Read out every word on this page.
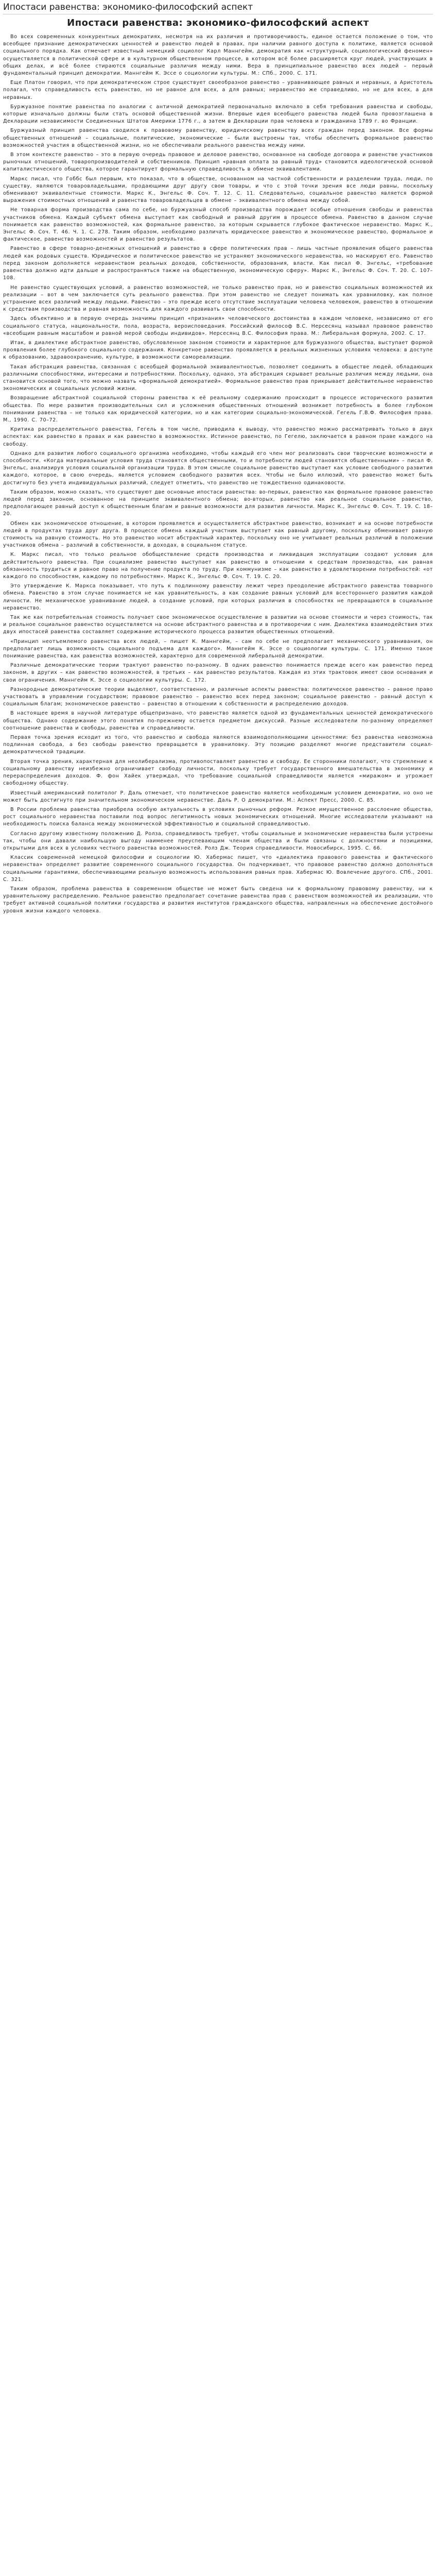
Ипостаси равенства: экономико-философский аспект
Ипостаси равенства: экономико-философский аспект

Во всех современных конкурентных демократиях, несмотря на их различия и противоречивость, единое остается положение о том, что всеобщее признание демократических ценностей и равенство людей в правах, при наличии равного доступа к политике, является основой социального порядка. Как отмечает известный немецкий социолог Карл Маннгейм, демократия как «структурный, социологический феномен» осуществляется в политической сфере и в культурном общественном процессе, в котором всё более расширяется круг людей, участвующих в общих делах, и всё более стираются социальные различия между ними. Вера в принципиальное равенство всех людей – первый фундаментальный принцип демократии. Маннгейм К. Эссе о социологии культуры. М.: СПб., 2000. С. 171.

Еще Платон говорил, что при демократическом строе существует своеобразное равенство – уравнивающее равных и неравных, а Аристотель полагал, что справедливость есть равенство, но не равное для всех, а для равных; неравенство же справедливо, но не для всех, а для неравных.

Буржуазное понятие равенства по аналогии с античной демократией первоначально включало в себя требования равенства и свободы, которые изначально должны были стать основой общественной жизни. Впервые идея всеобщего равенства людей была провозглашена в Декларации независимости Соединенных Штатов Америки 1776 г., а затем в Декларации прав человека и гражданина 1789 г. во Франции.

Буржуазный принцип равенства сводился к правовому равенству, юридическому равенству всех граждан перед законом. Все формы общественных отношений – социальные, политические, экономические – были выстроены так, чтобы обеспечить формальное равенство возможностей участия в общественной жизни, но не обеспечивали реального равенства между ними.

В этом контексте равенство – это в первую очередь правовое и деловое равенство, основанное на свободе договора и равенстве участников рыночных отношений, товаропроизводителей и собственников. Принцип «равная оплата за равный труд» становится идеологической основой капиталистического общества, которое гарантирует формальную справедливость в обмене эквивалентами.

Маркс писал, что Гоббс был первым, кто показал, что в обществе, основанном на частной собственности и разделении труда, люди, по существу, являются товаровладельцами, продающими друг другу свои товары, и что с этой точки зрения все люди равны, поскольку обменивают эквивалентные стоимости. Маркс К., Энгельс Ф. Соч. Т. 12. С. 11. Следовательно, социальное равенство является формой выражения стоимостных отношений и равенства товаровладельцев в обмене – эквивалентного обмена между собой.

Не товарная форма производства сама по себе, но буржуазный способ производства порождает особые отношения свободы и равенства участников обмена. Каждый субъект обмена выступает как свободный и равный другим в процессе обмена. Равенство в данном случае понимается как равенство возможностей, как формальное равенство, за которым скрывается глубокое фактическое неравенство. Маркс К., Энгельс Ф. Соч. Т. 46. Ч. 1. С. 278. Таким образом, необходимо различать юридическое равенство и экономическое равенство, формальное и фактическое, равенство возможностей и равенство результатов.

Равенство в сфере товарно-денежных отношений и равенство в сфере политических прав – лишь частные проявления общего равенства людей как родовых существ. Юридическое и политическое равенство не устраняют экономического неравенства, но маскируют его. Равенство перед законом дополняется неравенством реальных доходов, собственности, образования, власти. Как писал Ф. Энгельс, «требование равенства должно идти дальше и распространяться также на общественную, экономическую сферу». Маркс К., Энгельс Ф. Соч. Т. 20. С. 107–108.

Не равенство существующих условий, а равенство возможностей, не только равенство прав, но и равенство социальных возможностей их реализации – вот в чем заключается суть реального равенства. При этом равенство не следует понимать как уравниловку, как полное устранение всех различий между людьми. Равенство – это прежде всего отсутствие эксплуатации человека человеком, равенство в отношении к средствам производства и равная возможность для каждого развивать свои способности.

Здесь объективно и в первую очередь значимы принцип «признания» человеческого достоинства в каждом человеке, независимо от его социального статуса, национальности, пола, возраста, вероисповедания. Российский философ В.С. Нерсесянц называл правовое равенство «всеобщим равным масштабом и равной мерой свободы индивидов». Нерсесянц В.С. Философия права. М.: Либеральная формула, 2002. С. 17.

Итак, в диалектике абстрактное равенство, обусловленное законом стоимости и характерное для буржуазного общества, выступает формой проявления более глубокого социального содержания. Конкретное равенство проявляется в реальных жизненных условиях человека: в доступе к образованию, здравоохранению, культуре, в возможности самореализации.

Такая абстракция равенства, связанная с всеобщей формальной эквивалентностью, позволяет соединить в обществе людей, обладающих различными способностями, интересами и потребностями. Поскольку, однако, эта абстракция скрывает реальные различия между людьми, она становится основой того, что можно назвать «формальной демократией». Формальное равенство прав прикрывает действительное неравенство экономических и социальных условий жизни.

Возвращение абстрактной социальной стороны равенства к её реальному содержанию происходит в процессе исторического развития общества. По мере развития производительных сил и усложнения общественных отношений возникает потребность в более глубоком понимании равенства – не только как юридической категории, но и как категории социально-экономической. Гегель Г.В.Ф. Философия права. М., 1990. С. 70–72.

Критика распределительного равенства, Гегель в том числе, приводила к выводу, что равенство можно рассматривать только в двух аспектах: как равенство в правах и как равенство в возможностях. Истинное равенство, по Гегелю, заключается в равном праве каждого на свободу.

Однако для развития любого социального организма необходимо, чтобы каждый его член мог реализовать свои творческие возможности и способности. «Когда материальные условия труда становятся общественными, то и потребности людей становятся общественными» – писал Ф. Энгельс, анализируя условия социальной организации труда. В этом смысле социальное равенство выступает как условие свободного развития каждого, которое, в свою очередь, является условием свободного развития всех. Чтобы не было иллюзий, что равенство может быть достигнуто без учета индивидуальных различий, следует отметить, что равенство не тождественно одинаковости.

Таким образом, можно сказать, что существуют две основные ипостаси равенства: во-первых, равенство как формальное правовое равенство людей перед законом, основанное на принципе эквивалентного обмена; во-вторых, равенство как реальное социальное равенство, предполагающее равный доступ к общественным благам и равные возможности для развития личности. Маркс К., Энгельс Ф. Соч. Т. 19. С. 18–20.

Обмен как экономическое отношение, в котором проявляется и осуществляется абстрактное равенство, возникает и на основе потребности людей в продуктах труда друг друга. В процессе обмена каждый участник выступает как равный другому, поскольку обменивает равную стоимость на равную стоимость. Но это равенство носит абстрактный характер, поскольку оно не учитывает реальных различий в положении участников обмена – различий в собственности, в доходах, в социальном статусе.

К. Маркс писал, что только реальное обобществление средств производства и ликвидация эксплуатации создают условия для действительного равенства. При социализме равенство выступает как равенство в отношении к средствам производства, как равная обязанность трудиться и равное право на получение продукта по труду. При коммунизме – как равенство в удовлетворении потребностей: «от каждого по способностям, каждому по потребностям». Маркс К., Энгельс Ф. Соч. Т. 19. С. 20.

Это утверждение К. Маркса показывает, что путь к подлинному равенству лежит через преодоление абстрактного равенства товарного обмена. Равенство в этом случае понимается не как уравнительность, а как создание равных условий для всестороннего развития каждой личности. Не механическое уравнивание людей, а создание условий, при которых различия в способностях не превращаются в социальное неравенство.

Так же как потребительная стоимость получает свое экономическое осуществление в развитии на основе стоимости и через стоимость, так и реальное социальное равенство осуществляется на основе абстрактного равенства и в противоречии с ним. Диалектика взаимодействия этих двух ипостасей равенства составляет содержание исторического процесса развития общественных отношений.

«Принцип неотъемлемого равенства всех людей, – пишет К. Маннгейм, – сам по себе не предполагает механического уравнивания, он предполагает лишь возможность социального подъема для каждого». Маннгейм К. Эссе о социологии культуры. С. 171. Именно такое понимание равенства, как равенства возможностей, характерно для современной либеральной демократии.

Различные демократические теории трактуют равенство по-разному. В одних равенство понимается прежде всего как равенство перед законом, в других – как равенство возможностей, в третьих – как равенство результатов. Каждая из этих трактовок имеет свои основания и свои ограничения. Маннгейм К. Эссе о социологии культуры. С. 172.

Разнородные демократические теории выделяют, соответственно, и различные аспекты равенства: политическое равенство – равное право участвовать в управлении государством; правовое равенство – равенство всех перед законом; социальное равенство – равный доступ к социальным благам; экономическое равенство – равенство в отношении к собственности и распределению доходов.

В настоящее время в научной литературе общепризнано, что равенство является одной из фундаментальных ценностей демократического общества. Однако содержание этого понятия по-прежнему остается предметом дискуссий. Разные исследователи по-разному определяют соотношение равенства и свободы, равенства и справедливости.

Первая точка зрения исходит из того, что равенство и свобода являются взаимодополняющими ценностями: без равенства невозможна подлинная свобода, а без свободы равенство превращается в уравниловку. Эту позицию разделяют многие представители социал-демократической традиции.

Вторая точка зрения, характерная для неолиберализма, противопоставляет равенство и свободу. Ее сторонники полагают, что стремление к социальному равенству неизбежно ограничивает свободу личности, поскольку требует государственного вмешательства в экономику и перераспределения доходов. Ф. фон Хайек утверждал, что требование социальной справедливости является «миражом» и угрожает свободному обществу.

Известный американский политолог Р. Даль отмечает, что политическое равенство является необходимым условием демократии, но оно не может быть достигнуто при значительном экономическом неравенстве. Даль Р. О демократии. М.: Аспект Пресс, 2000. С. 85.

В России проблема равенства приобрела особую актуальность в условиях рыночных реформ. Резкое имущественное расслоение общества, рост социального неравенства поставили под вопрос легитимность новых экономических отношений. Многие исследователи указывают на необходимость поиска баланса между экономической эффективностью и социальной справедливостью.

Согласно другому известному положению Д. Ролза, справедливость требует, чтобы социальные и экономические неравенства были устроены так, чтобы они давали наибольшую выгоду наименее преуспевающим членам общества и были связаны с должностями и позициями, открытыми для всех в условиях честного равенства возможностей. Ролз Дж. Теория справедливости. Новосибирск, 1995. С. 66.

Классик современной немецкой философии и социологии Ю. Хабермас пишет, что «диалектика правового равенства и фактического неравенства» определяет развитие современного социального государства. Он подчеркивает, что правовое равенство должно дополняться социальными гарантиями, обеспечивающими реальную возможность использования равных прав. Хабермас Ю. Вовлечение другого. СПб., 2001. С. 321.

Таким образом, проблема равенства в современном обществе не может быть сведена ни к формальному правовому равенству, ни к уравнительному распределению. Реальное равенство предполагает сочетание равенства прав с равенством возможностей их реализации, что требует активной социальной политики государства и развития институтов гражданского общества, направленных на обеспечение достойного уровня жизни каждого человека.
